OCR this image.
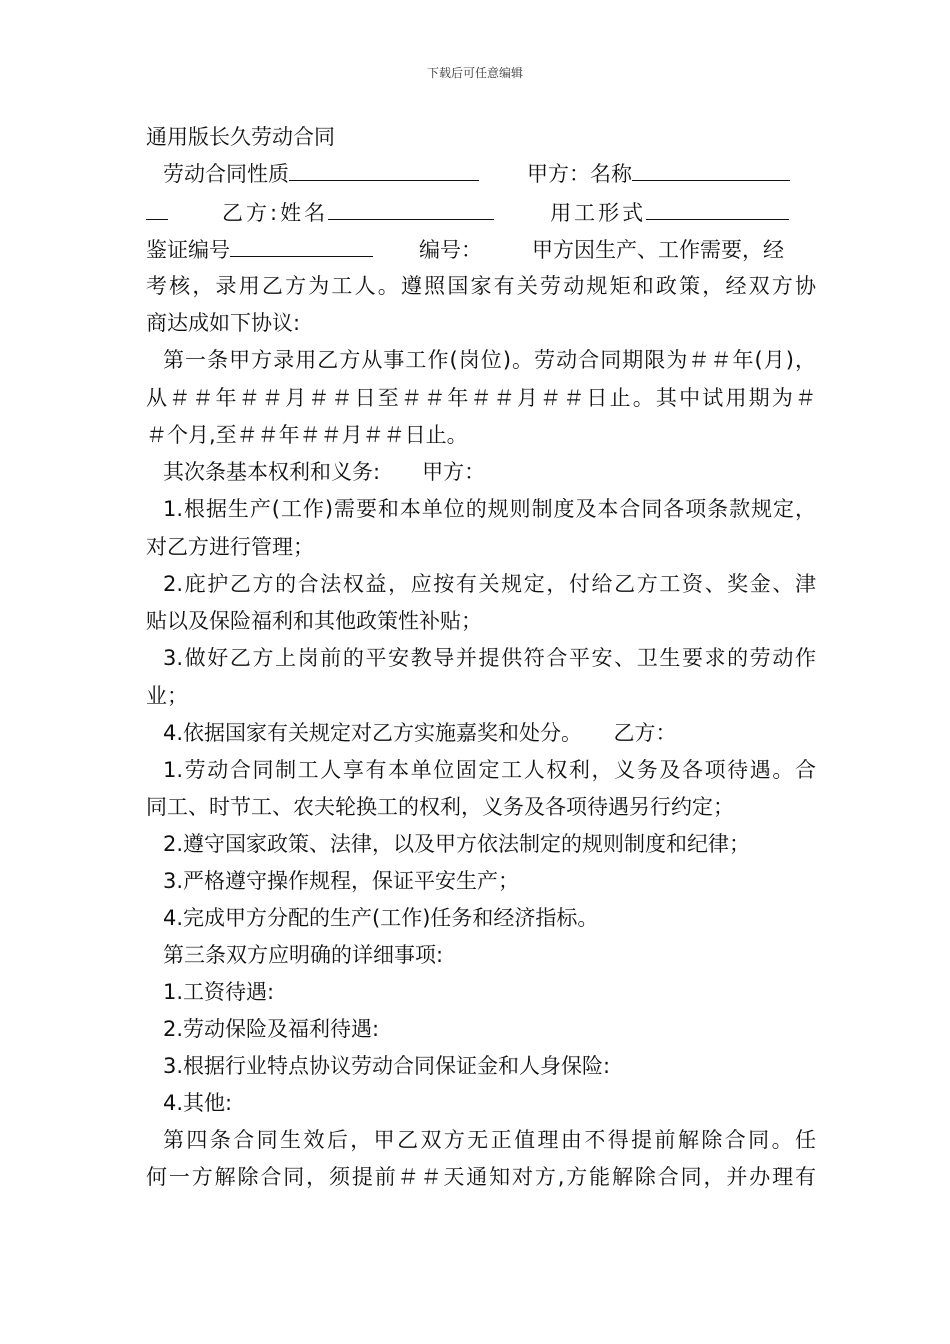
下载后可任意编辑
通用版长久劳动合同
劳动合同性质	甲方：名称
乙方:姓名	用工形式
鉴证编号	编号： 甲方因生产、工作需要，经
考核，录用乙方为工人。遵照国家有关劳动规矩和政策，经双方协
商达成如下协议:
第一条甲方录用乙方从事工作(岗位)。劳动合同期限为＃＃年(月)，
从＃＃年＃＃月＃＃日至＃＃年＃＃月＃＃日止。其中试用期为＃
＃个月,至＃＃年＃＃月＃＃日止。
其次条基本权利和义务:　　甲方：
1.根据生产(工作)需要和本单位的规则制度及本合同各项条款规定，
对乙方进行管理；
2.庇护乙方的合法权益，应按有关规定，付给乙方工资、奖金、津
贴以及保险福利和其他政策性补贴；
3.做好乙方上岗前的平安教导并提供符合平安、卫生要求的劳动作
业；
4.依据国家有关规定对乙方实施嘉奖和处分。　　乙方：
1.劳动合同制工人享有本单位固定工人权利，义务及各项待遇。合
同工、时节工、农夫轮换工的权利，义务及各项待遇另行约定；
2.遵守国家政策、法律，以及甲方依法制定的规则制度和纪律；
3.严格遵守操作规程，保证平安生产；
4.完成甲方分配的生产(工作)任务和经济指标。
第三条双方应明确的详细事项:
1.工资待遇:
2.劳动保险及福利待遇:
3.根据行业特点协议劳动合同保证金和人身保险:
4.其他:
第四条合同生效后，甲乙双方无正值理由不得提前解除合同。任
何一方解除合同，须提前＃＃天通知对方,方能解除合同，并办理有
